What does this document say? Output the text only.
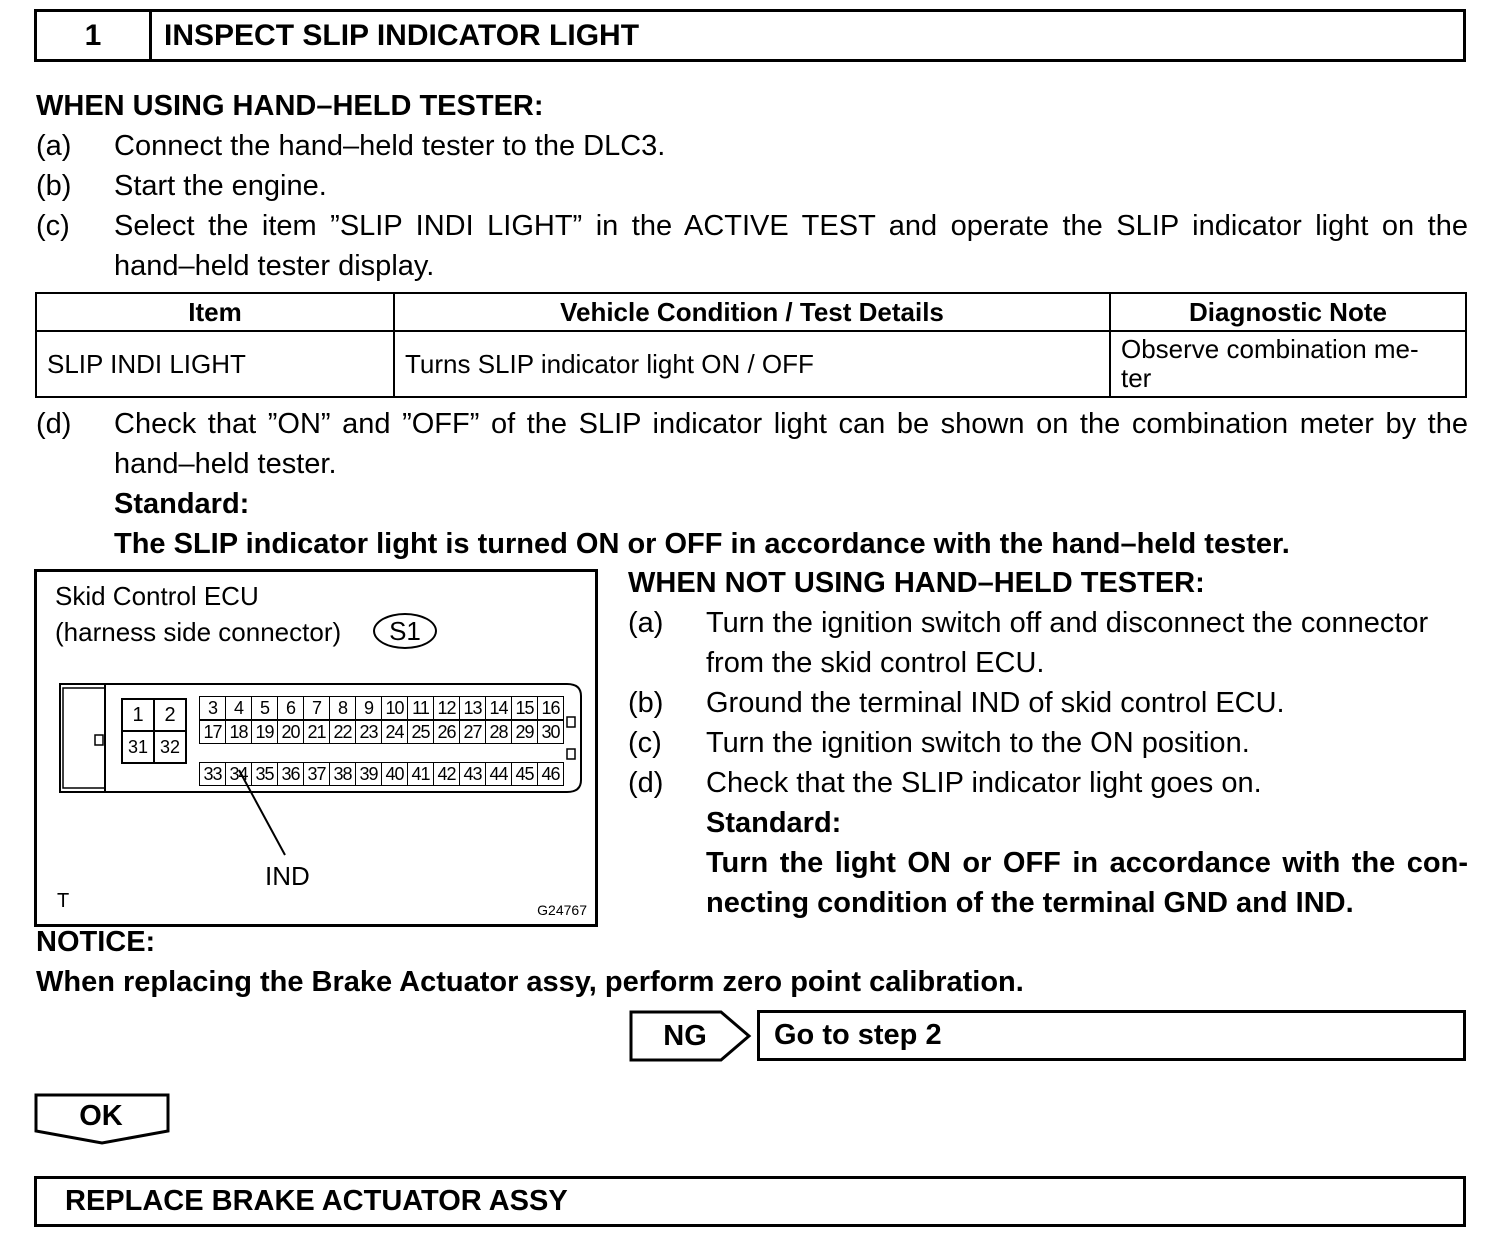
1	INSPECT SLIP INDICATOR LIGHT
WHEN USING HAND–HELD TESTER:
(a)	Connect the hand–held tester to the DLC3.
(b)	Start the engine.
(c)	Select the item ”SLIP INDI LIGHT” in the ACTIVE TEST and operate the SLIP indicator light on the
hand–held tester display.
Item	Vehicle Condition / Test Details	Diagnostic Note
SLIP INDI LIGHT	Turns SLIP indicator light ON / OFF	Observe combination me-
ter
(d)	Check that ”ON” and ”OFF” of the SLIP indicator light can be shown on the combination meter by the
hand–held tester.
Standard:
The SLIP indicator light is turned ON or OFF in accordance with the hand–held tester.
Skid Control ECU
(harness side connector)	S1
1	2
31 32
3 4 5 6 7 8 9 10 11 12 13 14 15 16
17 18 19 20 21 22 23 24 25 26 27 28 29 30
33 34 35 36 37 38 39 40 41 42 43 44 45 46
IND
T	G24767
WHEN NOT USING HAND–HELD TESTER:
(a)	Turn the ignition switch off and disconnect the connector
from the skid control ECU.
(b)	Ground the terminal IND of skid control ECU.
(c)	Turn the ignition switch to the ON position.
(d)	Check that the SLIP indicator light goes on.
Standard:
Turn the light ON or OFF in accordance with the con-
necting condition of the terminal GND and IND.
NOTICE:
When replacing the Brake Actuator assy, perform zero point calibration.
NG	Go to step 2
OK
REPLACE BRAKE ACTUATOR ASSY
